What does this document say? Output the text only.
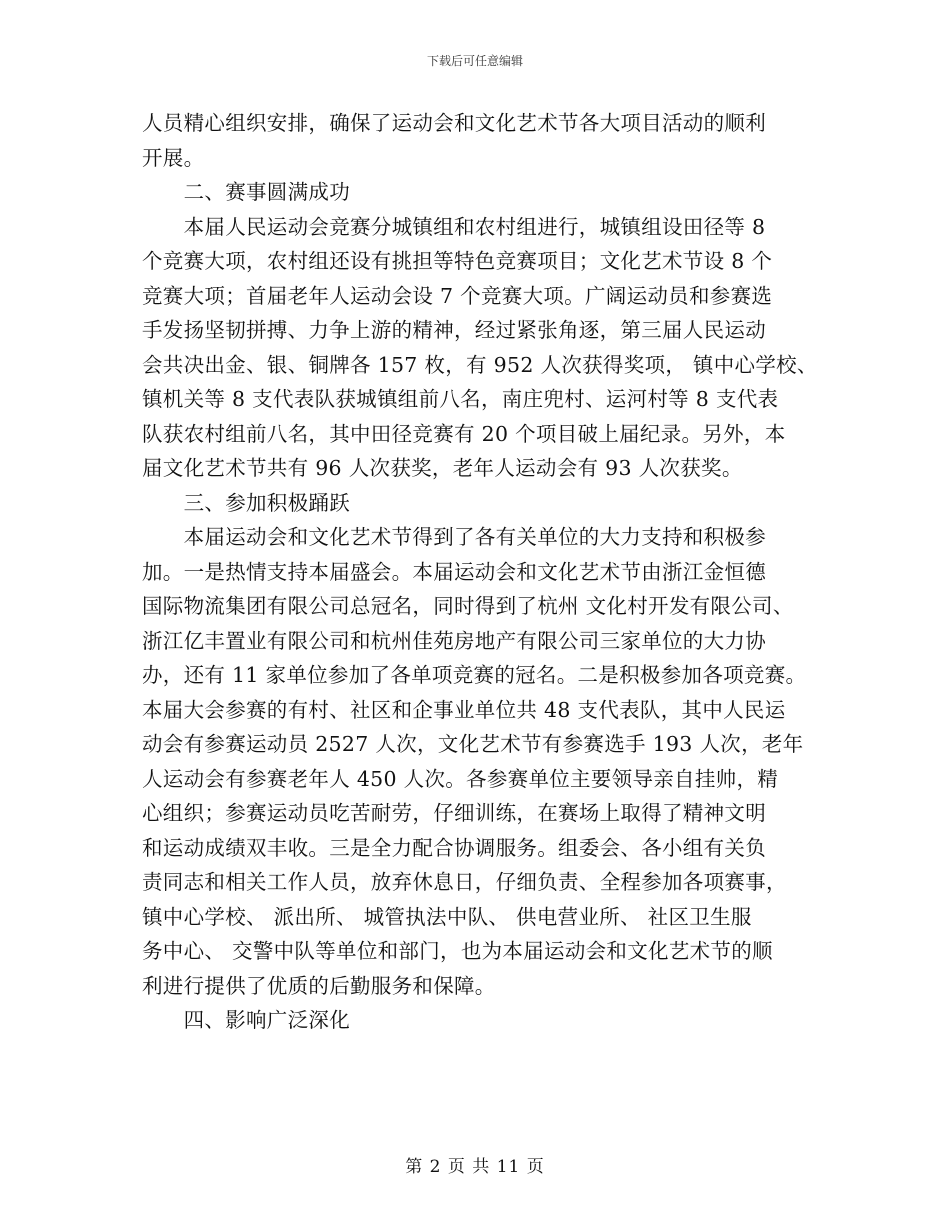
下载后可任意编辑
人员精心组织安排，确保了运动会和文化艺术节各大项目活动的顺利
开展。
　　二、赛事圆满成功
　　本届人民运动会竞赛分城镇组和农村组进行，城镇组设田径等 8
个竞赛大项，农村组还设有挑担等特色竞赛项目；文化艺术节设 8 个
竞赛大项；首届老年人运动会设 7 个竞赛大项。广阔运动员和参赛选
手发扬坚韧拼搏、力争上游的精神，经过紧张角逐，第三届人民运动
会共决出金、银、铜牌各 157 枚，有 952 人次获得奖项， 镇中心学校、
镇机关等 8 支代表队获城镇组前八名，南庄兜村、运河村等 8 支代表
队获农村组前八名，其中田径竞赛有 20 个项目破上届纪录。另外，本
届文化艺术节共有 96 人次获奖，老年人运动会有 93 人次获奖。
　　三、参加积极踊跃
　　本届运动会和文化艺术节得到了各有关单位的大力支持和积极参
加。一是热情支持本届盛会。本届运动会和文化艺术节由浙江金恒德
国际物流集团有限公司总冠名，同时得到了杭州 文化村开发有限公司、
浙江亿丰置业有限公司和杭州佳苑房地产有限公司三家单位的大力协
办，还有 11 家单位参加了各单项竞赛的冠名。二是积极参加各项竞赛。
本届大会参赛的有村、社区和企事业单位共 48 支代表队，其中人民运
动会有参赛运动员 2527 人次，文化艺术节有参赛选手 193 人次，老年
人运动会有参赛老年人 450 人次。各参赛单位主要领导亲自挂帅，精
心组织；参赛运动员吃苦耐劳，仔细训练，在赛场上取得了精神文明
和运动成绩双丰收。三是全力配合协调服务。组委会、各小组有关负
责同志和相关工作人员，放弃休息日，仔细负责、全程参加各项赛事，
镇中心学校、 派出所、 城管执法中队、 供电营业所、 社区卫生服
务中心、 交警中队等单位和部门，也为本届运动会和文化艺术节的顺
利进行提供了优质的后勤服务和保障。
　　四、影响广泛深化
第 2 页 共 11 页
